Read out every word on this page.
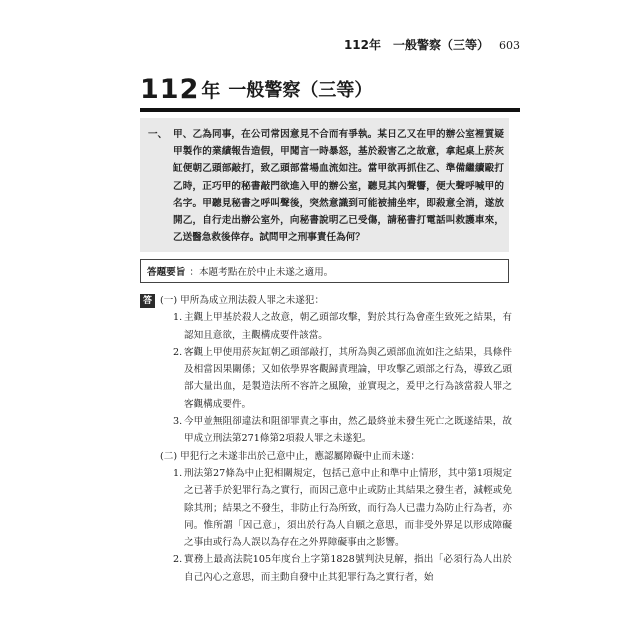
112年　一般警察（三等） 603
112 年 一般警察（三等）
一、 甲、乙為同事，在公司常因意見不合而有爭執。某日乙又在甲的辦公室裡質疑甲製作的業績報告造假，甲聞言一時暴怒，基於殺害乙之故意，拿起桌上菸灰缸便朝乙頭部敲打，致乙頭部當場血流如注。當甲欲再抓住乙、準備繼續毆打乙時，正巧甲的秘書敲門欲進入甲的辦公室，聽見其內聲響，便大聲呼喊甲的名字。甲聽見秘書之呼叫聲後，突然意識到可能被捕坐牢，即殺意全消，遂放開乙，自行走出辦公室外，向秘書說明乙已受傷，請秘書打電話叫救護車來，乙送醫急救後倖存。試問甲之刑事責任為何？
答題要旨 ：本題考點在於中止未遂之適用。
答 (一) 甲所為成立刑法殺人罪之未遂犯：
1. 主觀上甲基於殺人之故意，朝乙頭部攻擊，對於其行為會產生致死之結果，有認知且意欲，主觀構成要件該當。
2. 客觀上甲使用菸灰缸朝乙頭部敲打，其所為與乙頭部血流如注之結果，具條件及相當因果關係；又如依學界客觀歸責理論，甲攻擊乙頭部之行為，導致乙頭部大量出血，是製造法所不容許之風險，並實現之，爰甲之行為該當殺人罪之客觀構成要件。
3. 今甲並無阻卻違法和阻卻罪責之事由，然乙最終並未發生死亡之既遂結果，故甲成立刑法第271條第2項殺人罪之未遂犯。
(二) 甲犯行之未遂非出於己意中止，應認屬障礙中止而未遂：
1. 刑法第27條為中止犯相關規定，包括己意中止和準中止情形，其中第1項規定之已著手於犯罪行為之實行，而因己意中止或防止其結果之發生者，減輕或免除其刑；結果之不發生，非防止行為所致，而行為人已盡力為防止行為者，亦同。惟所謂「因己意」，須出於行為人自願之意思，而非受外界足以形成障礙之事由或行為人誤以為存在之外界障礙事由之影響。
2. 實務上最高法院105年度台上字第1828號判決見解，指出「必須行為人出於自己內心之意思，而主動自發中止其犯罪行為之實行者，始
